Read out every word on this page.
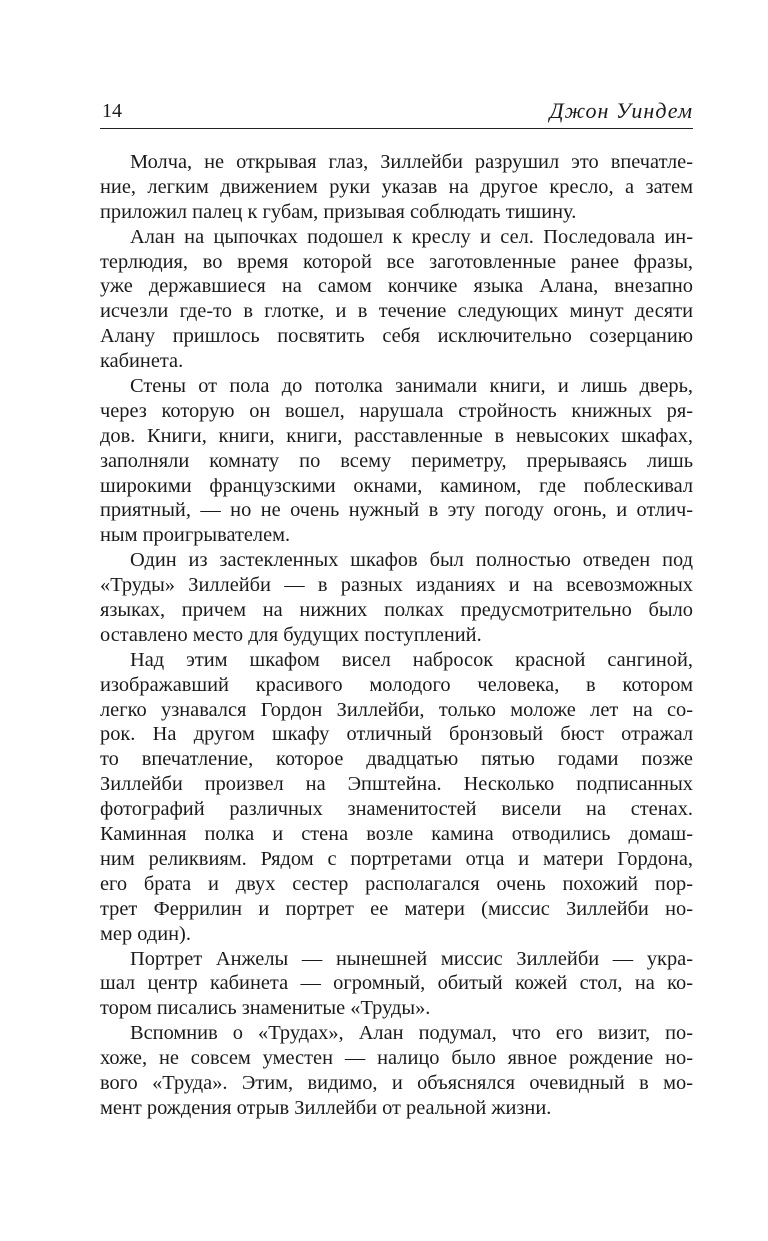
14	Джон Уиндем
Молча, не открывая глаз, Зиллейби разрушил это впечатле-
ние, легким движением руки указав на другое кресло, а затем
приложил палец к губам, призывая соблюдать тишину.
Алан на цыпочках подошел к креслу и сел. Последовала ин-
терлюдия, во время которой все заготовленные ранее фразы,
уже державшиеся на самом кончике языка Алана, внезапно
исчезли где-то в глотке, и в течение следующих минут десяти
Алану пришлось посвятить себя исключительно созерцанию
кабинета.
Стены от пола до потолка занимали книги, и лишь дверь,
через которую он вошел, нарушала стройность книжных ря-
дов. Книги, книги, книги, расставленные в невысоких шкафах,
заполняли комнату по всему периметру, прерываясь лишь
широкими французскими окнами, камином, где поблескивал
приятный, — но не очень нужный в эту погоду огонь, и отлич-
ным проигрывателем.
Один из застекленных шкафов был полностью отведен под
«Труды» Зиллейби — в разных изданиях и на всевозможных
языках, причем на нижних полках предусмотрительно было
оставлено место для будущих поступлений.
Над этим шкафом висел набросок красной сангиной,
изображавший красивого молодого человека, в котором
легко узнавался Гордон Зиллейби, только моложе лет на со-
рок. На другом шкафу отличный бронзовый бюст отражал
то впечатление, которое двадцатью пятью годами позже
Зиллейби произвел на Эпштейна. Несколько подписанных
фотографий различных знаменитостей висели на стенах.
Каминная полка и стена возле камина отводились домаш-
ним реликвиям. Рядом с портретами отца и матери Гордона,
его брата и двух сестер располагался очень похожий пор-
трет Феррилин и портрет ее матери (миссис Зиллейби но-
мер один).
Портрет Анжелы — нынешней миссис Зиллейби — укра-
шал центр кабинета — огромный, обитый кожей стол, на ко-
тором писались знаменитые «Труды».
Вспомнив о «Трудах», Алан подумал, что его визит, по-
хоже, не совсем уместен — налицо было явное рождение но-
вого «Труда». Этим, видимо, и объяснялся очевидный в мо-
мент рождения отрыв Зиллейби от реальной жизни.
